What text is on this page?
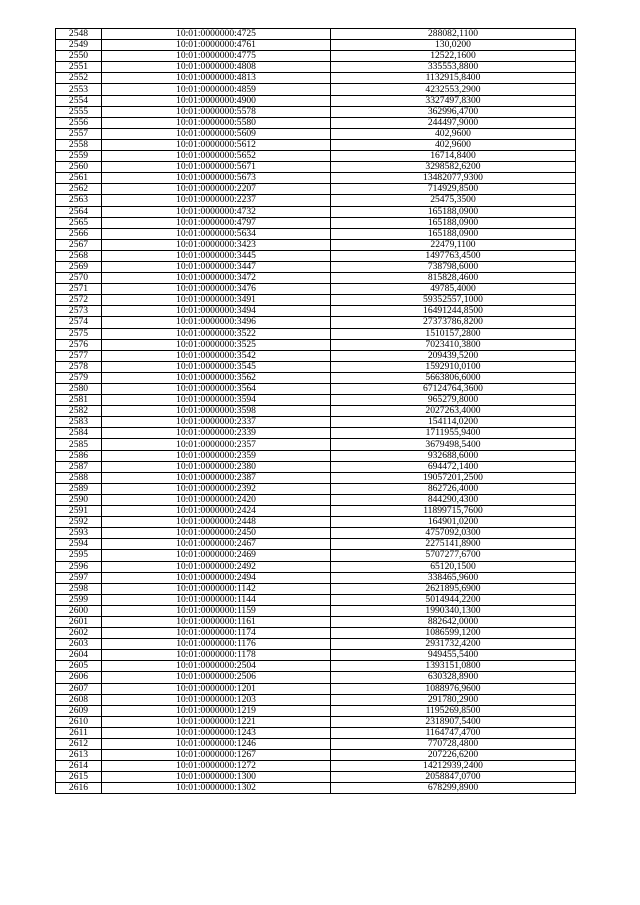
2548	10:01:0000000:4725	288082,1100
2549	10:01:0000000:4761	130,0200
2550	10:01:0000000:4775	12522,1600
2551	10:01:0000000:4808	335553,8800
2552	10:01:0000000:4813	1132915,8400
2553	10:01:0000000:4859	4232553,2900
2554	10:01:0000000:4900	3327497,8300
2555	10:01:0000000:5578	362996,4700
2556	10:01:0000000:5580	244497,9000
2557	10:01:0000000:5609	402,9600
2558	10:01:0000000:5612	402,9600
2559	10:01:0000000:5652	16714,8400
2560	10:01:0000000:5671	3298582,6200
2561	10:01:0000000:5673	13482077,9300
2562	10:01:0000000:2207	714929,8500
2563	10:01:0000000:2237	25475,3500
2564	10:01:0000000:4732	165188,0900
2565	10:01:0000000:4797	165188,0900
2566	10:01:0000000:5634	165188,0900
2567	10:01:0000000:3423	22479,1100
2568	10:01:0000000:3445	1497763,4500
2569	10:01:0000000:3447	738798,6000
2570	10:01:0000000:3472	815828,4600
2571	10:01:0000000:3476	49785,4000
2572	10:01:0000000:3491	59352557,1000
2573	10:01:0000000:3494	16491244,8500
2574	10:01:0000000:3496	27373786,8200
2575	10:01:0000000:3522	1510157,2800
2576	10:01:0000000:3525	7023410,3800
2577	10:01:0000000:3542	209439,5200
2578	10:01:0000000:3545	1592910,0100
2579	10:01:0000000:3562	5663806,6000
2580	10:01:0000000:3564	67124764,3600
2581	10:01:0000000:3594	965279,8000
2582	10:01:0000000:3598	2027263,4000
2583	10:01:0000000:2337	154114,0200
2584	10:01:0000000:2339	1711955,9400
2585	10:01:0000000:2357	3679498,5400
2586	10:01:0000000:2359	932688,6000
2587	10:01:0000000:2380	694472,1400
2588	10:01:0000000:2387	19057201,2500
2589	10:01:0000000:2392	862726,4000
2590	10:01:0000000:2420	844290,4300
2591	10:01:0000000:2424	11899715,7600
2592	10:01:0000000:2448	164901,0200
2593	10:01:0000000:2450	4757092,0300
2594	10:01:0000000:2467	2275141,8900
2595	10:01:0000000:2469	5707277,6700
2596	10:01:0000000:2492	65120,1500
2597	10:01:0000000:2494	338465,9600
2598	10:01:0000000:1142	2621895,6900
2599	10:01:0000000:1144	5014944,2200
2600	10:01:0000000:1159	1990340,1300
2601	10:01:0000000:1161	882642,0000
2602	10:01:0000000:1174	1086599,1200
2603	10:01:0000000:1176	2931732,4200
2604	10:01:0000000:1178	949455,5400
2605	10:01:0000000:2504	1393151,0800
2606	10:01:0000000:2506	630328,8900
2607	10:01:0000000:1201	1088976,9600
2608	10:01:0000000:1203	291780,2900
2609	10:01:0000000:1219	1195269,8500
2610	10:01:0000000:1221	2318907,5400
2611	10:01:0000000:1243	1164747,4700
2612	10:01:0000000:1246	770728,4800
2613	10:01:0000000:1267	207226,6200
2614	10:01:0000000:1272	14212939,2400
2615	10:01:0000000:1300	2058847,0700
2616	10:01:0000000:1302	678299,8900
